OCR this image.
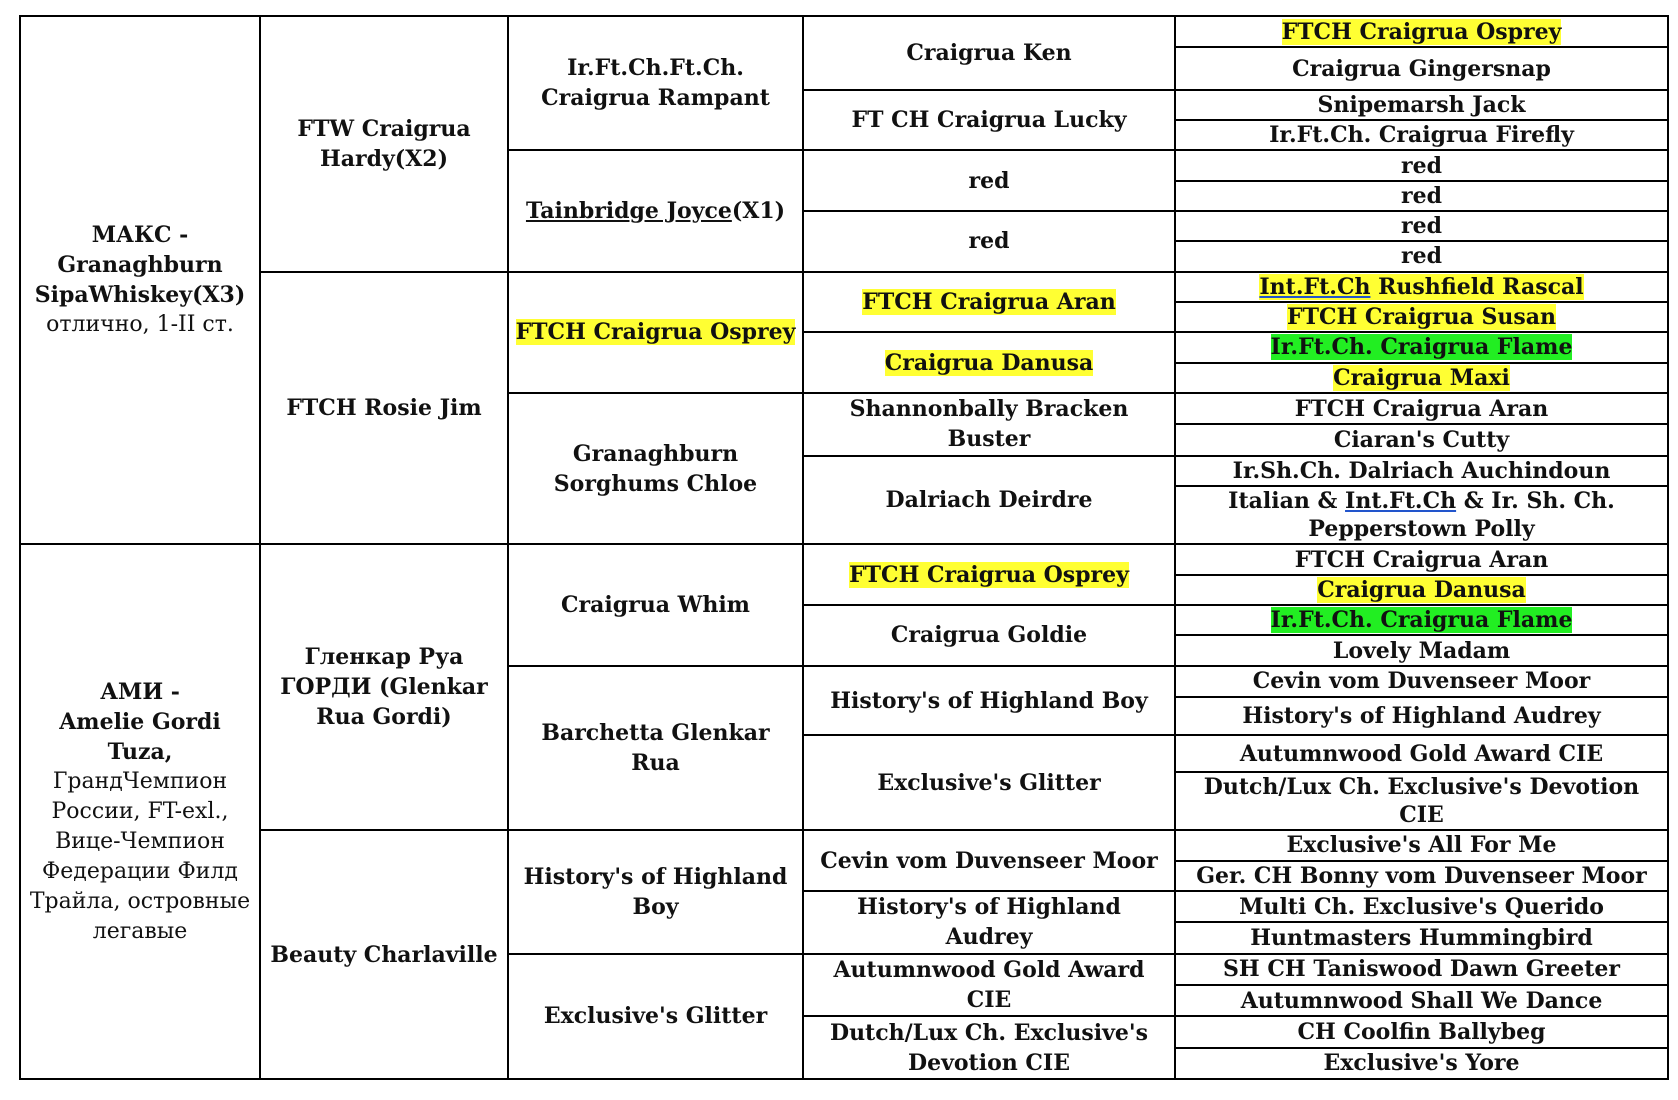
МАКС -
Granaghburn
SipaWhiskey(X3)
отлично, 1-II ст.	FTW Craigrua Hardy(X2)	Ir.Ft.Ch.Ft.Ch. Craigrua Rampant	Craigrua Ken	FTCH Craigrua Osprey
				Craigrua Gingersnap
			FT CH Craigrua Lucky	Snipemarsh Jack
				Ir.Ft.Ch. Craigrua Firefly
		Tainbridge Joyce(X1)	red	red
				red
			red	red
				red
	FTCH Rosie Jim	FTCH Craigrua Osprey	FTCH Craigrua Aran	Int.Ft.Ch Rushfield Rascal
				FTCH Craigrua Susan
			Craigrua Danusa	Ir.Ft.Ch. Craigrua Flame
				Craigrua Maxi
		Granaghburn Sorghums Chloe	Shannonbally Bracken Buster	FTCH Craigrua Aran
				Ciaran's Cutty
			Dalriach Deirdre	Ir.Sh.Ch. Dalriach Auchindoun
				Italian & Int.Ft.Ch & Ir. Sh. Ch. Pepperstown Polly

АМИ -
Amelie Gordi Tuza,
ГрандЧемпион России, FT-exl., Вице-Чемпион Федерации Филд Трайла, островные легавые	Гленкар Руа ГОРДИ (Glenkar Rua Gordi)	Craigrua Whim	FTCH Craigrua Osprey	FTCH Craigrua Aran
				Craigrua Danusa
			Craigrua Goldie	Ir.Ft.Ch. Craigrua Flame
				Lovely Madam
		Barchetta Glenkar Rua	History's of Highland Boy	Cevin vom Duvenseer Moor
				History's of Highland Audrey
			Exclusive's Glitter	Autumnwood Gold Award CIE
				Dutch/Lux Ch. Exclusive's Devotion CIE
	Beauty Charlaville	History's of Highland Boy	Cevin vom Duvenseer Moor	Exclusive's All For Me
				Ger. CH Bonny vom Duvenseer Moor
			History's of Highland Audrey	Multi Ch. Exclusive's Querido
				Huntmasters Hummingbird
		Exclusive's Glitter	Autumnwood Gold Award CIE	SH CH Taniswood Dawn Greeter
				Autumnwood Shall We Dance
			Dutch/Lux Ch. Exclusive's Devotion CIE	CH Coolfin Ballybeg
				Exclusive's Yore
